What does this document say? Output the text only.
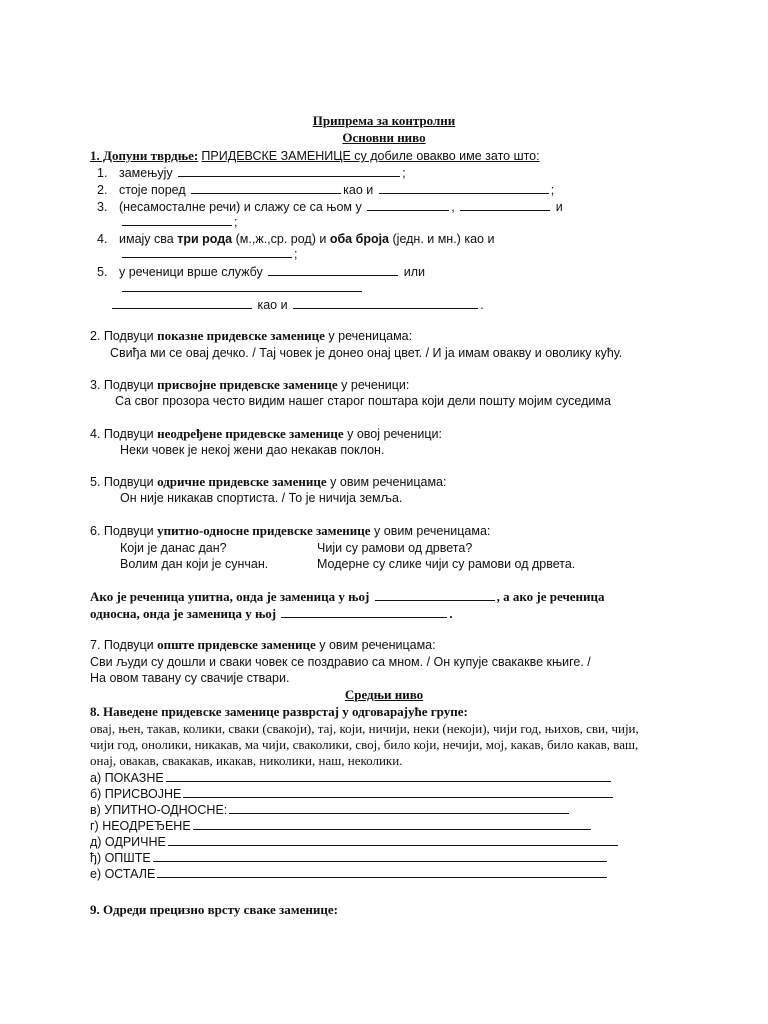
Припрема за контролни
Основни ниво
1. Допуни тврдње: ПРИДЕВСКЕ ЗАМЕНИЦЕ су добиле овакво име зато што:
1. замењују	;
2. стоје поред	као и	;
3. (несамосталне речи) и слажу се са њом у	,	и
;
4. имају сва три рода (м.,ж.,ср. род) и оба броја (једн. и мн.) као и
;
5. у реченици врше службу	или
као и	.
2. Подвуци показне придевске заменице у реченицама:
Свиђа ми се овај дечко. / Тај човек је донео онај цвет. / И ја имам овакву и оволику кућу.
3. Подвуци присвојне придевске заменице у реченици:
Са свог прозора често видим нашег старог поштара који дели пошту мојим суседима
4. Подвуци неодређене придевске заменице у овој реченици:
Неки човек је некој жени дао некакав поклон.
5. Подвуци одричне придевске заменице у овим реченицама:
Он није никакав спортиста. / То је ничија земља.
6. Подвуци упитно-односне придевске заменице у овим реченицама:
Који је данас дан?	Чији су рамови од дрвета?
Волим дан који је сунчан.	Модерне су слике чији су рамови од дрвета.
Ако је реченица упитна, онда је заменица у њој	, а ако је реченица
односна, онда је заменица у њој	.
7. Подвуци опште придевске заменице у овим реченицама:
Сви људи су дошли и сваки човек се поздравио са мном. / Он купује свакакве књиге. /
На овом тавану су свачије ствари.
Средњи ниво
8. Наведене придевске заменице разврстај у одговарајуће групе:
овај, њен, такав, колики, сваки (свакоји), тај, који, ничији, неки (некоји), чији год, њихов, сви, чији,
чији год, онолики, никакав, ма чији, сваколики, свој, било који, нечији, мој, какав, било какав, ваш,
онај, овакав, свакакав, икакав, николики, наш, неколики.
а) ПОКАЗНЕ
б) ПРИСВОЈНЕ
в) УПИТНО-ОДНОСНЕ:
г) НЕОДРЕЂЕНЕ
д) ОДРИЧНЕ
ђ) ОПШТЕ
е) ОСТАЛЕ
9. Одреди прецизно врсту сваке заменице:
